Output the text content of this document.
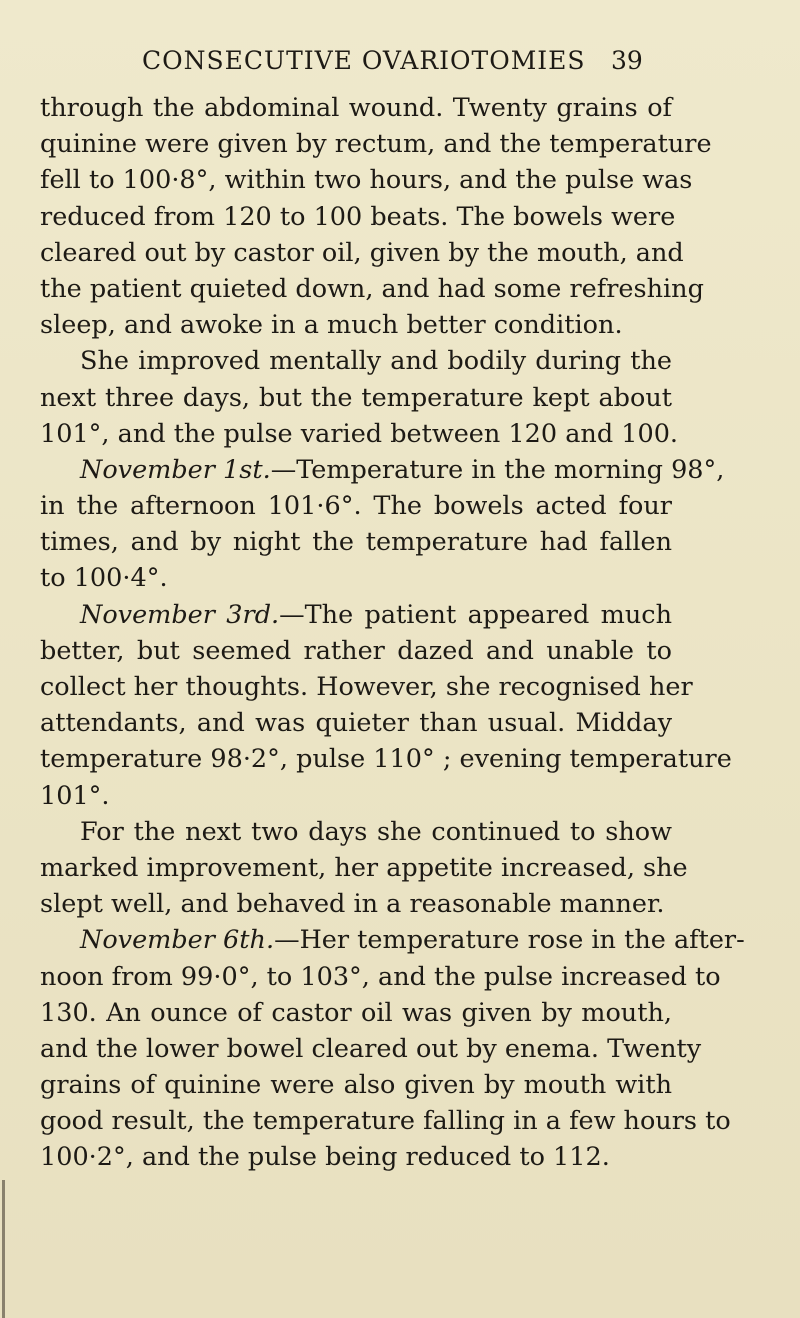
CONSECUTIVE OVARIOTOMIES 39
through the abdominal wound. Twenty grains of
quinine were given by rectum, and the temperature
fell to 100·8°, within two hours, and the pulse was
reduced from 120 to 100 beats. The bowels were
cleared out by castor oil, given by the mouth, and
the patient quieted down, and had some refreshing
sleep, and awoke in a much better condition.
She improved mentally and bodily during the
next three days, but the temperature kept about
101°, and the pulse varied between 120 and 100.
November 1st.—Temperature in the morning 98°,
in the afternoon 101·6°. The bowels acted four
times, and by night the temperature had fallen
to 100·4°.
November 3rd.—The patient appeared much
better, but seemed rather dazed and unable to
collect her thoughts. However, she recognised her
attendants, and was quieter than usual. Midday
temperature 98·2°, pulse 110° ; evening temperature
101°.
For the next two days she continued to show
marked improvement, her appetite increased, she
slept well, and behaved in a reasonable manner.
November 6th.—Her temperature rose in the after-
noon from 99·0°, to 103°, and the pulse increased to
130. An ounce of castor oil was given by mouth,
and the lower bowel cleared out by enema. Twenty
grains of quinine were also given by mouth with
good result, the temperature falling in a few hours to
100·2°, and the pulse being reduced to 112.
